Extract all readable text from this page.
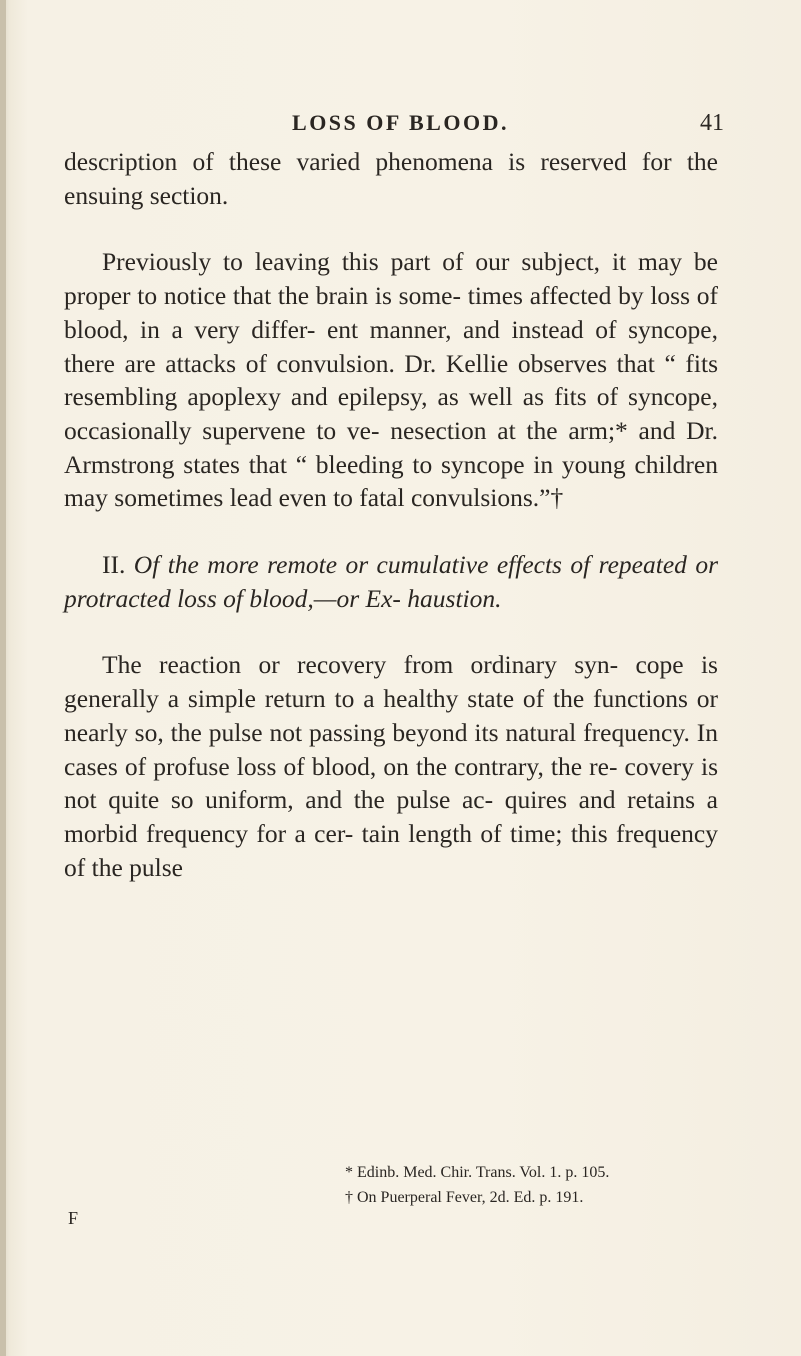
LOSS OF BLOOD.	41

description of these varied phenomena is reserved for the ensuing section.

Previously to leaving this part of our subject, it may be proper to notice that the brain is some- times affected by loss of blood, in a very differ- ent manner, and instead of syncope, there are attacks of convulsion. Dr. Kellie observes that “ fits resembling apoplexy and epilepsy, as well as fits of syncope, occasionally supervene to ve- nesection at the arm;* and Dr. Armstrong states that “ bleeding to syncope in young children may sometimes lead even to fatal convulsions.”†

II. Of the more remote or cumulative effects of repeated or protracted loss of blood,—or Ex- haustion.

The reaction or recovery from ordinary syn- cope is generally a simple return to a healthy state of the functions or nearly so, the pulse not passing beyond its natural frequency. In cases of profuse loss of blood, on the contrary, the re- covery is not quite so uniform, and the pulse ac- quires and retains a morbid frequency for a cer- tain length of time; this frequency of the pulse

* Edinb. Med. Chir. Trans. Vol. 1. p. 105.
† On Puerperal Fever, 2d. Ed. p. 191.
F
